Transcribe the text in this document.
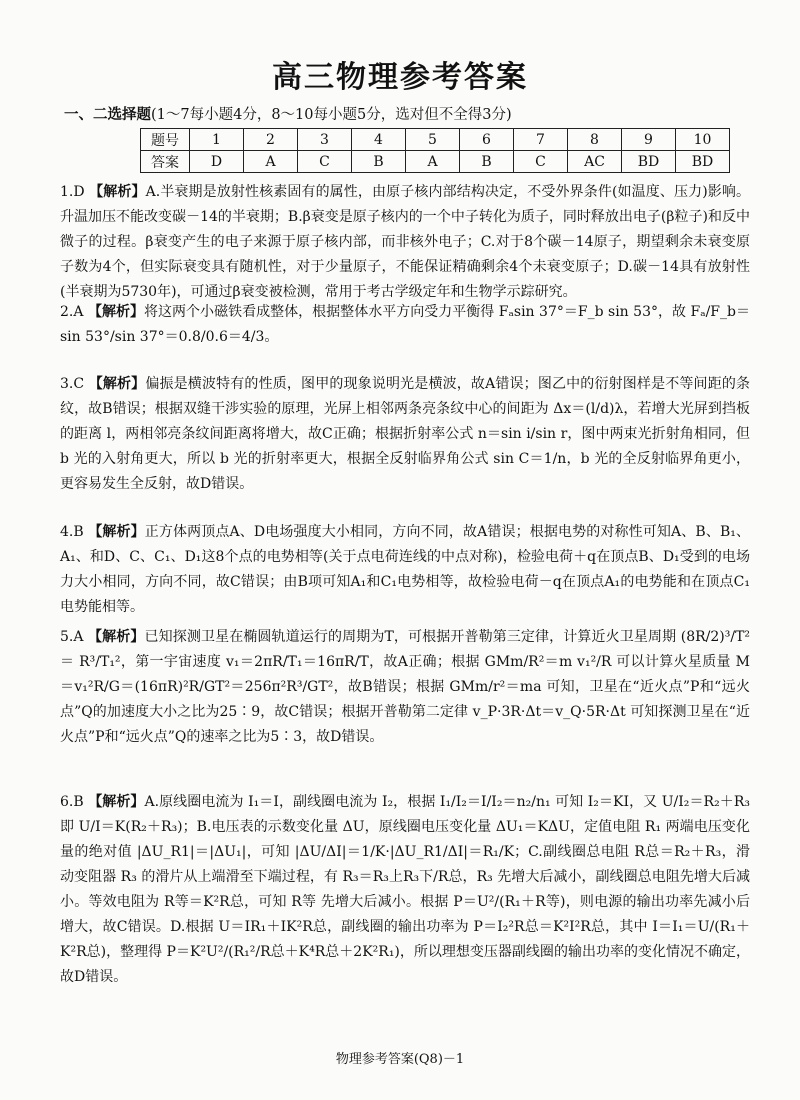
高三物理参考答案
一、二选择题(1～7每小题4分，8～10每小题5分，选对但不全得3分)
题号	1	2	3	4	5	6	7	8	9	10
答案	D	A	C	B	A	B	C	AC	BD	BD
1.D 【解析】A.半衰期是放射性核素固有的属性，由原子核内部结构决定，不受外界条件(如温度、压力)影响。升温加压不能改变碳－14的半衰期；B.β衰变是原子核内的一个中子转化为质子，同时释放出电子(β粒子)和反中微子的过程。β衰变产生的电子来源于原子核内部，而非核外电子；C.对于8个碳－14原子，期望剩余未衰变原子数为4个，但实际衰变具有随机性，对于少量原子，不能保证精确剩余4个未衰变原子；D.碳－14具有放射性(半衰期为5730年)，可通过β衰变被检测，常用于考古学级定年和生物学示踪研究。
2.A 【解析】将这两个小磁铁看成整体，根据整体水平方向受力平衡得 Fₐsin 37°＝F_b sin 53°，故 Fₐ/F_b＝sin 53°/sin 37°＝0.8/0.6＝4/3。
3.C 【解析】偏振是横波特有的性质，图甲的现象说明光是横波，故A错误；图乙中的衍射图样是不等间距的条纹，故B错误；根据双缝干涉实验的原理，光屏上相邻两条亮条纹中心的间距为 Δx＝(l/d)λ，若增大光屏到挡板的距离 l，两相邻亮条纹间距离将增大，故C正确；根据折射率公式 n＝sin i/sin r，图中两束光折射角相同，但 b 光的入射角更大，所以 b 光的折射率更大，根据全反射临界角公式 sin C＝1/n，b 光的全反射临界角更小，更容易发生全反射，故D错误。
4.B 【解析】正方体两顶点A、D电场强度大小相同，方向不同，故A错误；根据电势的对称性可知A、B、B₁、A₁、和D、C、C₁、D₁这8个点的电势相等(关于点电荷连线的中点对称)，检验电荷＋q在顶点B、D₁受到的电场力大小相同，方向不同，故C错误；由B项可知A₁和C₁电势相等，故检验电荷－q在顶点A₁的电势能和在顶点C₁电势能相等。
5.A 【解析】已知探测卫星在椭圆轨道运行的周期为T，可根据开普勒第三定律，计算近火卫星周期 (8R/2)³/T² ＝ R³/T₁²，第一宇宙速度 v₁＝2πR/T₁＝16πR/T，故A正确；根据 GMm/R²＝m v₁²/R 可以计算火星质量 M＝v₁²R/G＝(16πR)²R/GT²＝256π²R³/GT²，故B错误；根据 GMm/r²＝ma 可知，卫星在“近火点”P和“远火点”Q的加速度大小之比为25∶9，故C错误；根据开普勒第二定律 v_P·3R·Δt＝v_Q·5R·Δt 可知探测卫星在“近火点”P和“远火点”Q的速率之比为5∶3，故D错误。
6.B 【解析】A.原线圈电流为 I₁＝I，副线圈电流为 I₂，根据 I₁/I₂＝I/I₂＝n₂/n₁ 可知 I₂＝KI，又 U/I₂＝R₂＋R₃ 即 U/I＝K(R₂＋R₃)；B.电压表的示数变化量 ΔU，原线圈电压变化量 ΔU₁＝KΔU，定值电阻 R₁ 两端电压变化量的绝对值 |ΔU_R1|＝|ΔU₁|，可知 |ΔU/ΔI|＝1/K·|ΔU_R1/ΔI|＝R₁/K；C.副线圈总电阻 R总＝R₂＋R₃，滑动变阻器 R₃ 的滑片从上端滑至下端过程，有 R₃＝R₃上R₃下/R总，R₃ 先增大后减小，副线圈总电阻先增大后减小。等效电阻为 R等＝K²R总，可知 R等 先增大后减小。根据 P＝U²/(R₁＋R等)，则电源的输出功率先减小后增大，故C错误。D.根据 U＝IR₁＋IK²R总，副线圈的输出功率为 P＝I₂²R总＝K²I²R总，其中 I＝I₁＝U/(R₁＋K²R总)，整理得 P＝K²U²/(R₁²/R总＋K⁴R总＋2K²R₁)，所以理想变压器副线圈的输出功率的变化情况不确定，故D错误。
物理参考答案(Q8)－1
